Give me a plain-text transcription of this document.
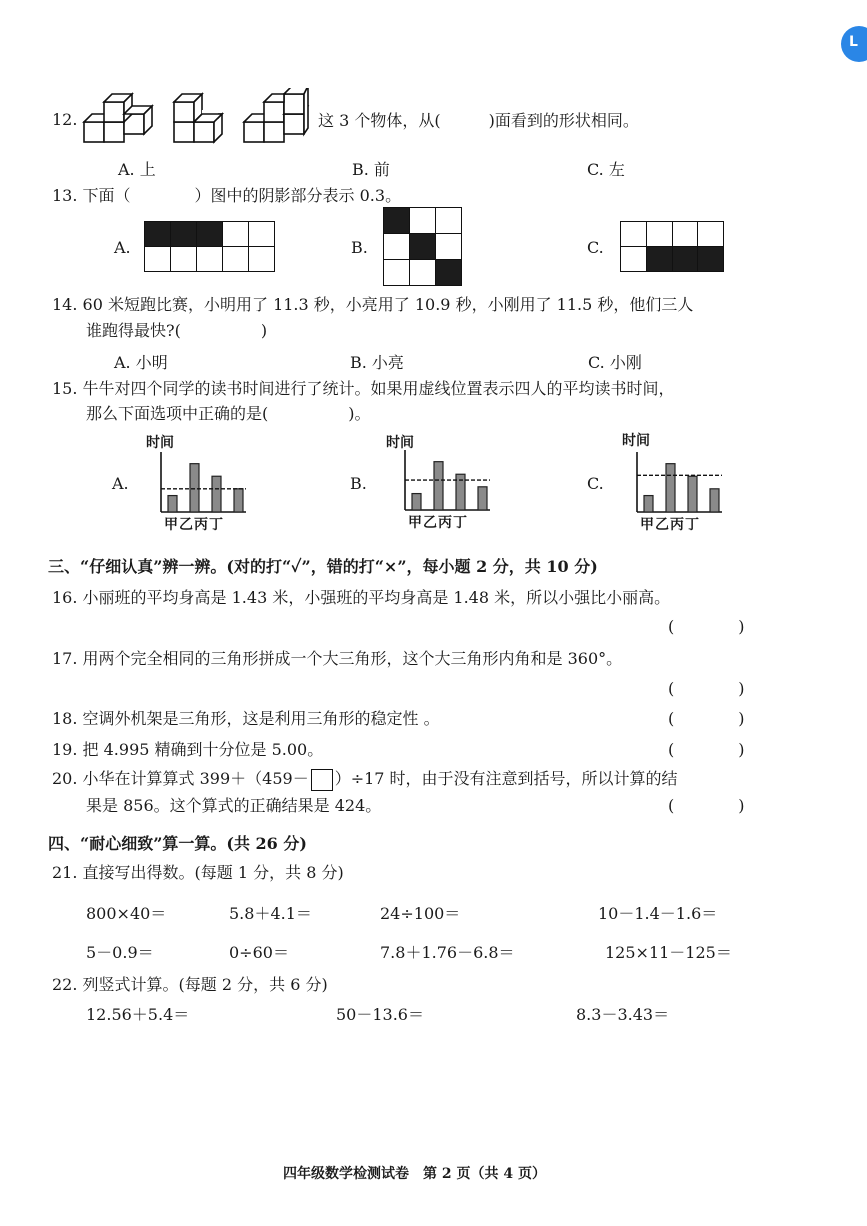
L
12.	这 3 个物体，从(　　　)面看到的形状相同。
A. 上	B. 前	C. 左
13. 下面（　　　　）图中的阴影部分表示 0.3。
A.

					B.

			C.

14. 60 米短跑比赛，小明用了 11.3 秒，小亮用了 10.9 秒，小刚用了 11.5 秒，他们三人
谁跑得最快?(　　　　　)
A. 小明	B. 小亮	C. 小刚
15. 牛牛对四个同学的读书时间进行了统计。如果用虚线位置表示四人的平均读书时间，
那么下面选项中正确的是(　　　　　)。
A.	B.	C.
时间	时间	时间
甲乙丙丁	甲乙丙丁	甲乙丙丁
三、“仔细认真”辨一辨。(对的打“✓”，错的打“×”，每小题 2 分，共 10 分)
16. 小丽班的平均身高是 1.43 米，小强班的平均身高是 1.48 米，所以小强比小丽高。
(　　　　)
17. 用两个完全相同的三角形拼成一个大三角形，这个大三角形内角和是 360°。
(　　　　)
18. 空调外机架是三角形，这是利用三角形的稳定性 。	(　　　　)
19. 把 4.995 精确到十分位是 5.00。	(　　　　)
20. 小华在计算算式 399＋（459－ ）÷17 时，由于没有注意到括号，所以计算的结
果是 856。这个算式的正确结果是 424。	(　　　　)
四、“耐心细致”算一算。(共 26 分)
21. 直接写出得数。(每题 1 分，共 8 分)
800×40＝	5.8＋4.1＝	24÷100＝	10－1.4－1.6＝
5－0.9＝	0÷60＝	7.8＋1.76－6.8＝	125×11－125＝
22. 列竖式计算。(每题 2 分，共 6 分)
12.56＋5.4＝	50－13.6＝	8.3－3.43＝
四年级数学检测试卷　第 2 页（共 4 页）
